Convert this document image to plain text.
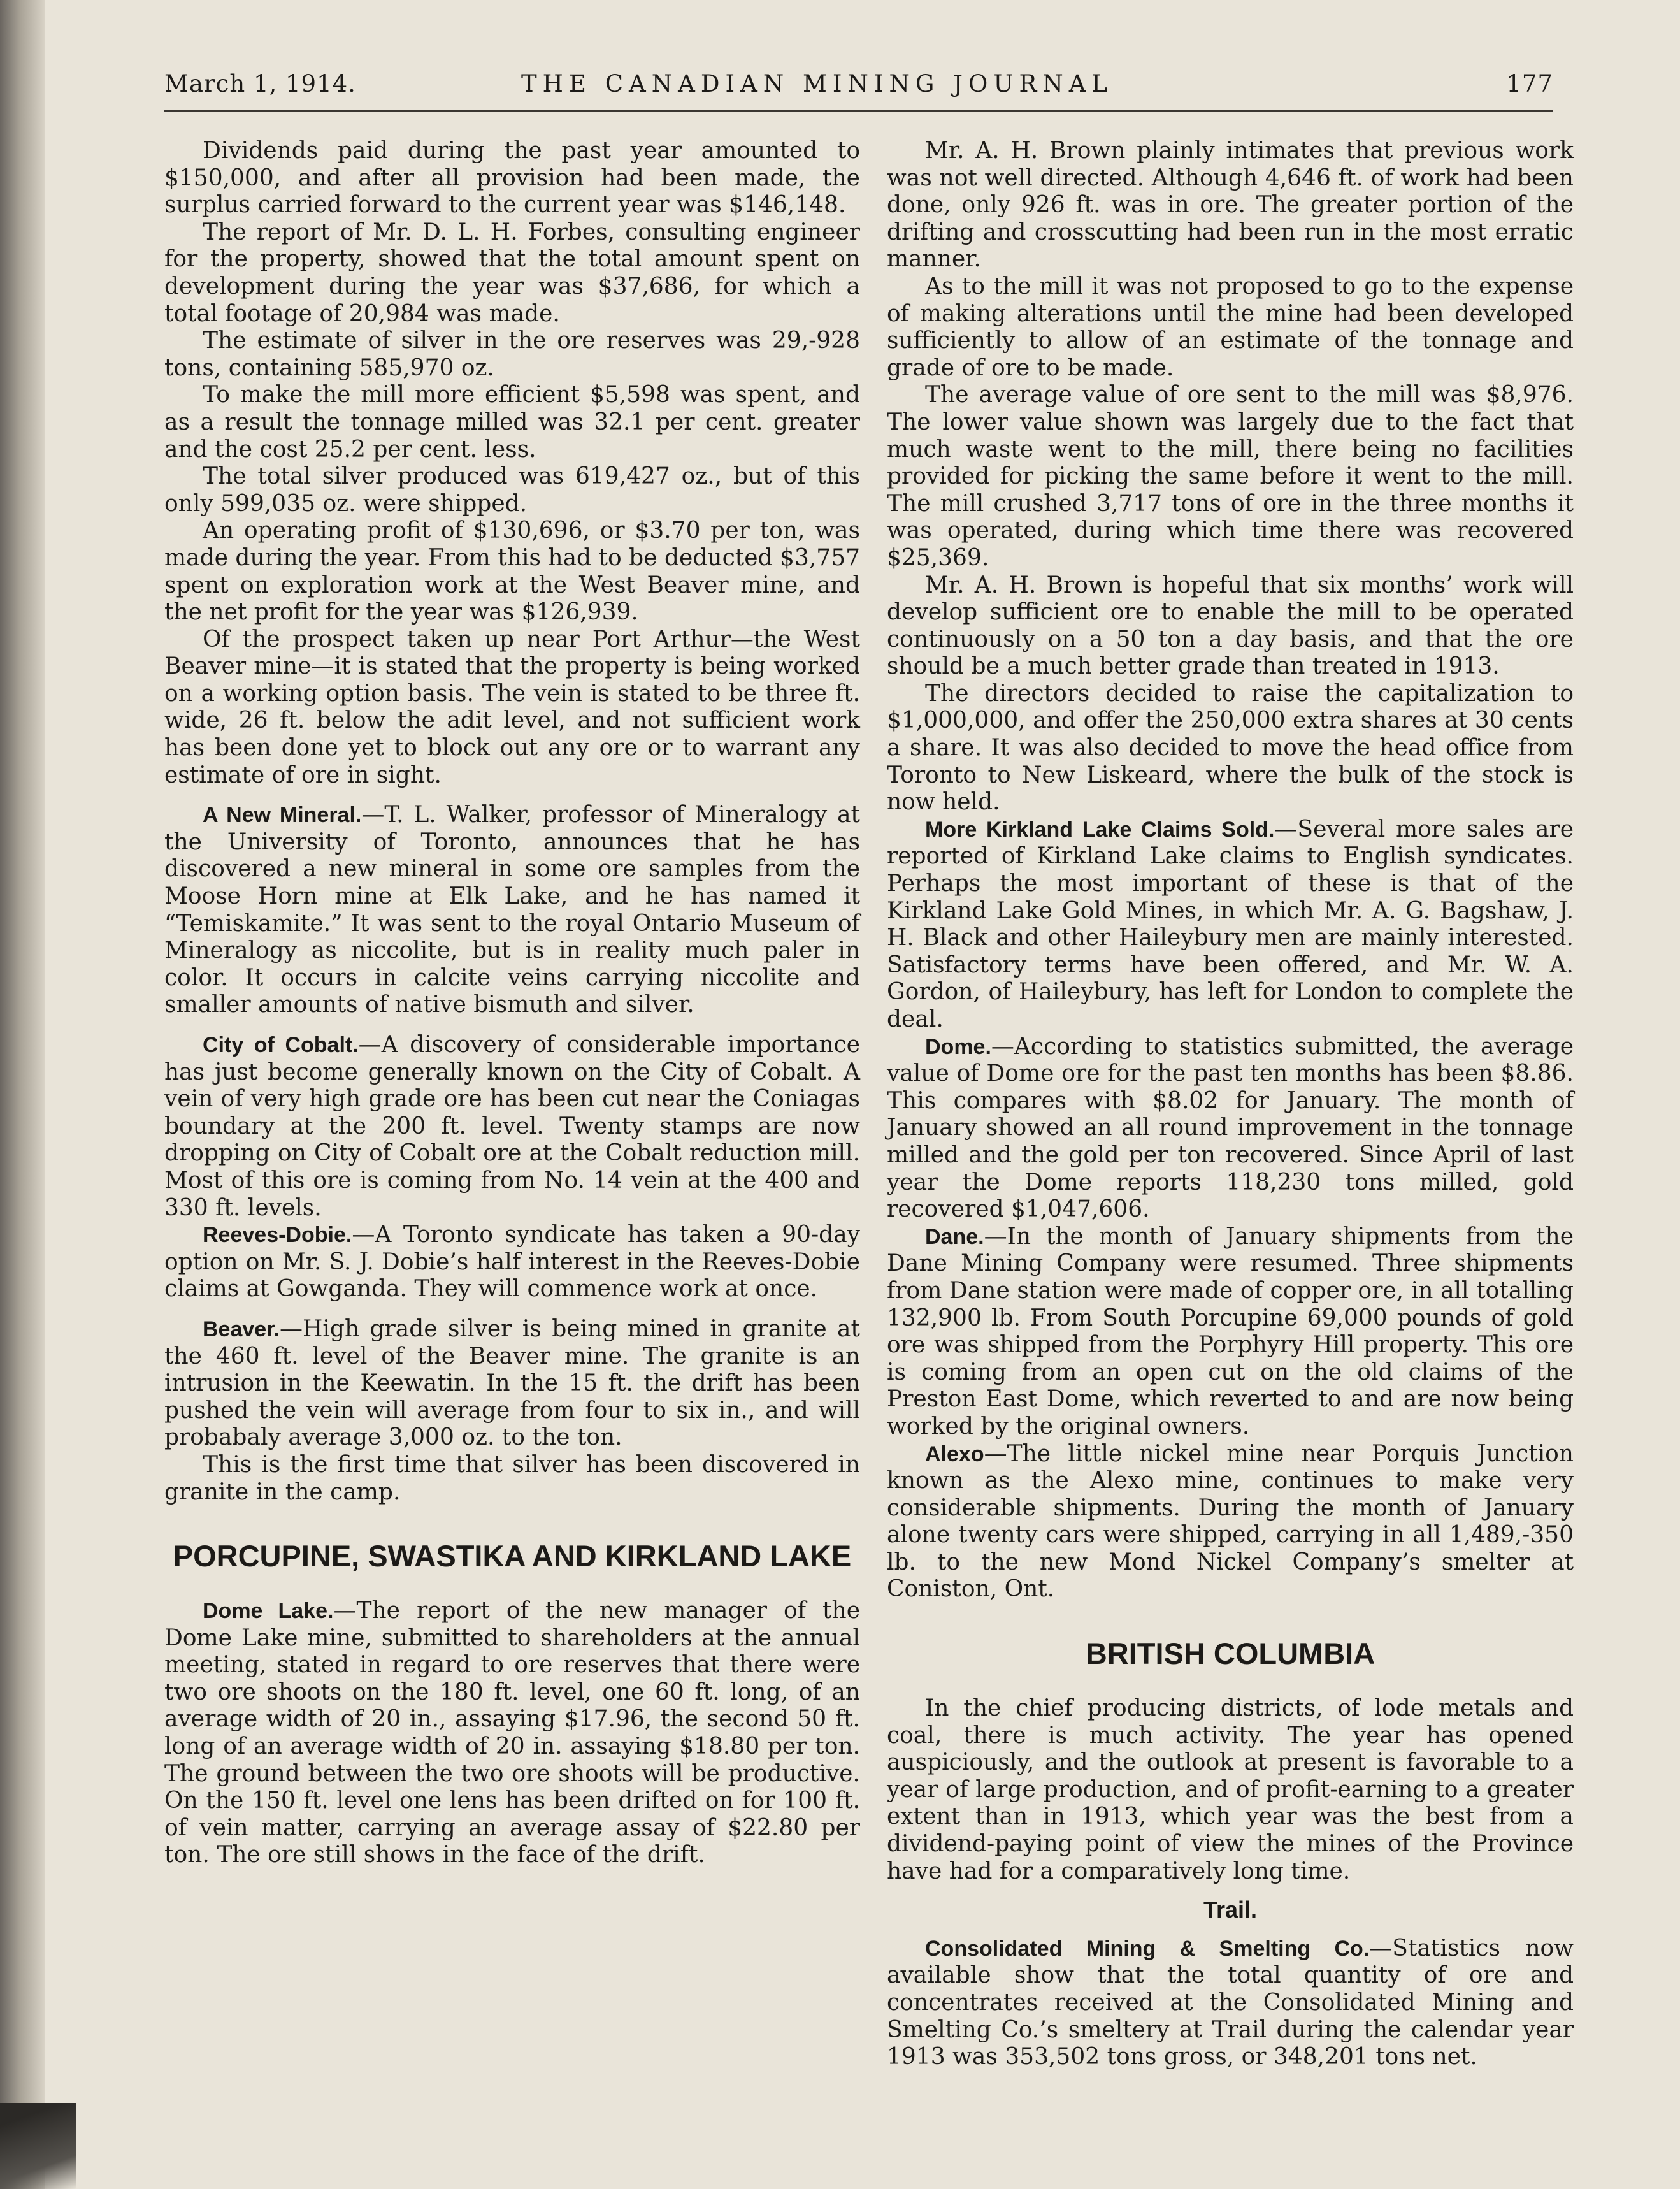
March 1, 1914.	THE CANADIAN MINING JOURNAL	177

Dividends paid during the past year amounted to $150,000, and after all provision had been made, the surplus carried forward to the current year was $146,148.

The report of Mr. D. L. H. Forbes, consulting engineer for the property, showed that the total amount spent on development during the year was $37,686, for which a total footage of 20,984 was made.

The estimate of silver in the ore reserves was 29,-928 tons, containing 585,970 oz.

To make the mill more efficient $5,598 was spent, and as a result the tonnage milled was 32.1 per cent. greater and the cost 25.2 per cent. less.

The total silver produced was 619,427 oz., but of this only 599,035 oz. were shipped.

An operating profit of $130,696, or $3.70 per ton, was made during the year. From this had to be deducted $3,757 spent on exploration work at the West Beaver mine, and the net profit for the year was $126,939.

Of the prospect taken up near Port Arthur—the West Beaver mine—it is stated that the property is being worked on a working option basis. The vein is stated to be three ft. wide, 26 ft. below the adit level, and not sufficient work has been done yet to block out any ore or to warrant any estimate of ore in sight.

A New Mineral.—T. L. Walker, professor of Mineralogy at the University of Toronto, announces that he has discovered a new mineral in some ore samples from the Moose Horn mine at Elk Lake, and he has named it “Temiskamite.” It was sent to the royal Ontario Museum of Mineralogy as niccolite, but is in reality much paler in color. It occurs in calcite veins carrying niccolite and smaller amounts of native bismuth and silver.

City of Cobalt.—A discovery of considerable importance has just become generally known on the City of Cobalt. A vein of very high grade ore has been cut near the Coniagas boundary at the 200 ft. level. Twenty stamps are now dropping on City of Cobalt ore at the Cobalt reduction mill. Most of this ore is coming from No. 14 vein at the 400 and 330 ft. levels.

Reeves-Dobie.—A Toronto syndicate has taken a 90-day option on Mr. S. J. Dobie’s half interest in the Reeves-Dobie claims at Gowganda. They will commence work at once.

Beaver.—High grade silver is being mined in granite at the 460 ft. level of the Beaver mine. The granite is an intrusion in the Keewatin. In the 15 ft. the drift has been pushed the vein will average from four to six in., and will probabaly average 3,000 oz. to the ton.

This is the first time that silver has been discovered in granite in the camp.

PORCUPINE, SWASTIKA AND KIRKLAND LAKE

Dome Lake.—The report of the new manager of the Dome Lake mine, submitted to shareholders at the annual meeting, stated in regard to ore reserves that there were two ore shoots on the 180 ft. level, one 60 ft. long, of an average width of 20 in., assaying $17.96, the second 50 ft. long of an average width of 20 in. assaying $18.80 per ton. The ground between the two ore shoots will be productive. On the 150 ft. level one lens has been drifted on for 100 ft. of vein matter, carrying an average assay of $22.80 per ton. The ore still shows in the face of the drift.

Mr. A. H. Brown plainly intimates that previous work was not well directed. Although 4,646 ft. of work had been done, only 926 ft. was in ore. The greater portion of the drifting and crosscutting had been run in the most erratic manner.

As to the mill it was not proposed to go to the expense of making alterations until the mine had been developed sufficiently to allow of an estimate of the tonnage and grade of ore to be made.

The average value of ore sent to the mill was $8,976. The lower value shown was largely due to the fact that much waste went to the mill, there being no facilities provided for picking the same before it went to the mill. The mill crushed 3,717 tons of ore in the three months it was operated, during which time there was recovered $25,369.

Mr. A. H. Brown is hopeful that six months’ work will develop sufficient ore to enable the mill to be operated continuously on a 50 ton a day basis, and that the ore should be a much better grade than treated in 1913.

The directors decided to raise the capitalization to $1,000,000, and offer the 250,000 extra shares at 30 cents a share. It was also decided to move the head office from Toronto to New Liskeard, where the bulk of the stock is now held.

More Kirkland Lake Claims Sold.—Several more sales are reported of Kirkland Lake claims to English syndicates. Perhaps the most important of these is that of the Kirkland Lake Gold Mines, in which Mr. A. G. Bagshaw, J. H. Black and other Haileybury men are mainly interested. Satisfactory terms have been offered, and Mr. W. A. Gordon, of Haileybury, has left for London to complete the deal.

Dome.—According to statistics submitted, the average value of Dome ore for the past ten months has been $8.86. This compares with $8.02 for January. The month of January showed an all round improvement in the tonnage milled and the gold per ton recovered. Since April of last year the Dome reports 118,230 tons milled, gold recovered $1,047,606.

Dane.—In the month of January shipments from the Dane Mining Company were resumed. Three shipments from Dane station were made of copper ore, in all totalling 132,900 lb. From South Porcupine 69,000 pounds of gold ore was shipped from the Porphyry Hill property. This ore is coming from an open cut on the old claims of the Preston East Dome, which reverted to and are now being worked by the original owners.

Alexo—The little nickel mine near Porquis Junction known as the Alexo mine, continues to make very considerable shipments. During the month of January alone twenty cars were shipped, carrying in all 1,489,-350 lb. to the new Mond Nickel Company’s smelter at Coniston, Ont.

BRITISH COLUMBIA

In the chief producing districts, of lode metals and coal, there is much activity. The year has opened auspiciously, and the outlook at present is favorable to a year of large production, and of profit-earning to a greater extent than in 1913, which year was the best from a dividend-paying point of view the mines of the Province have had for a comparatively long time.

Trail.

Consolidated Mining & Smelting Co.—Statistics now available show that the total quantity of ore and concentrates received at the Consolidated Mining and Smelting Co.’s smeltery at Trail during the calendar year 1913 was 353,502 tons gross, or 348,201 tons net.
